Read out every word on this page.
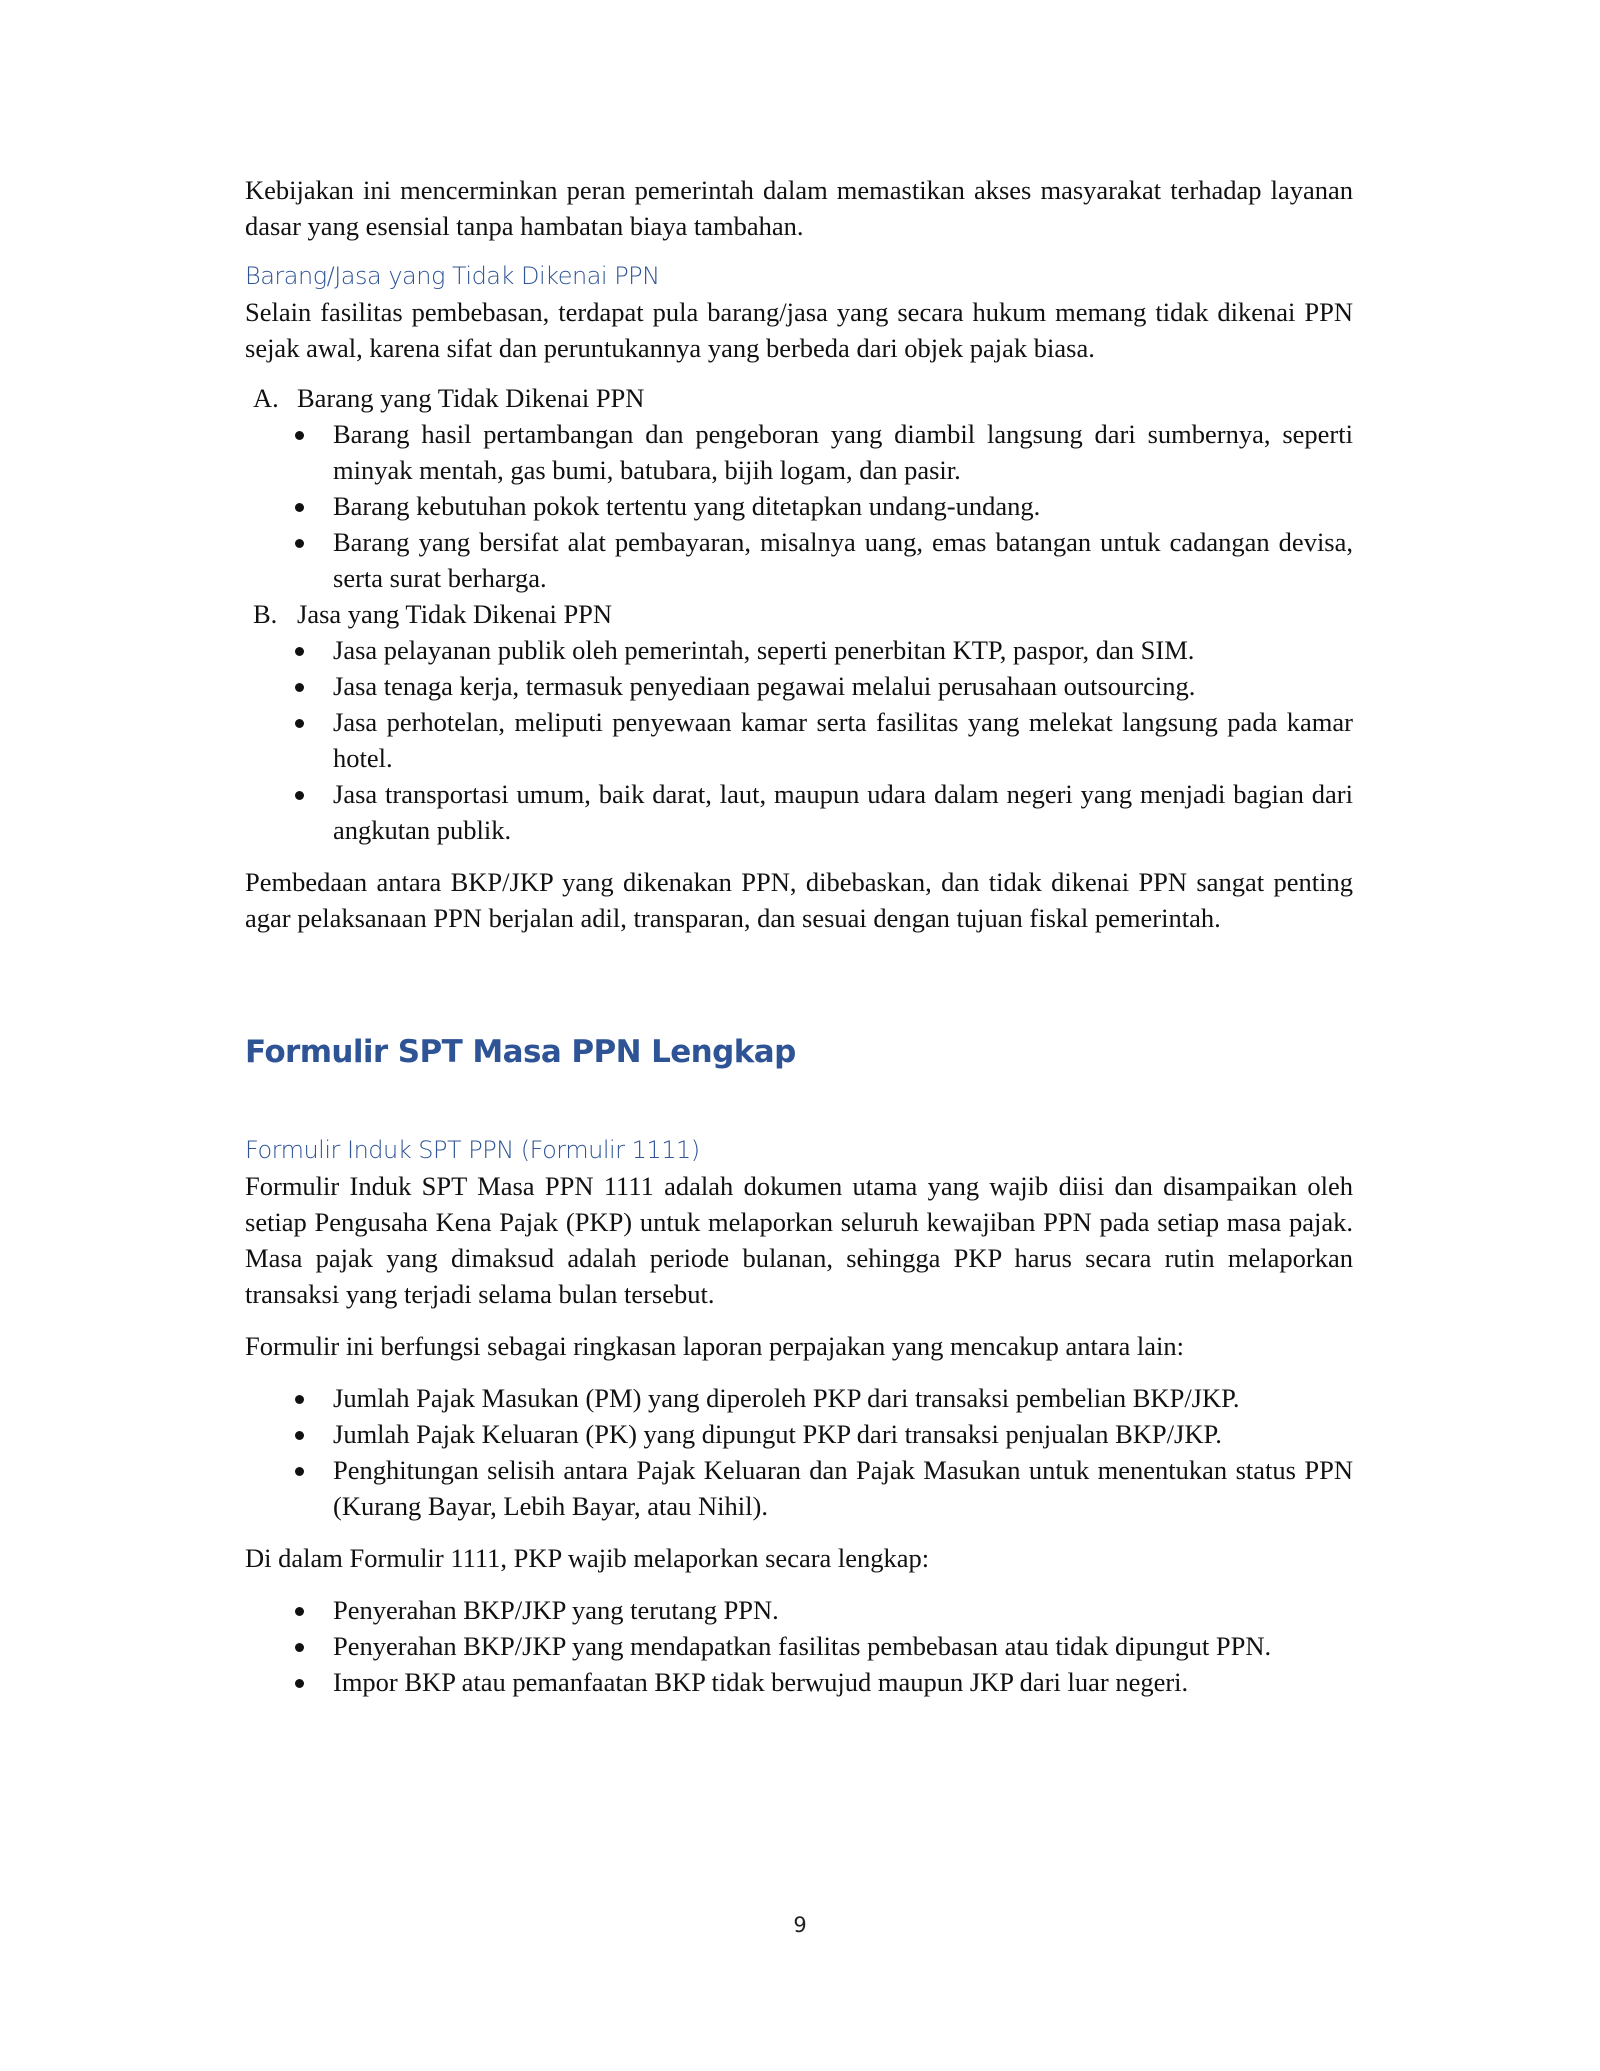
Kebijakan ini mencerminkan peran pemerintah dalam memastikan akses masyarakat terhadap layanan dasar yang esensial tanpa hambatan biaya tambahan.

Barang/Jasa yang Tidak Dikenai PPN

Selain fasilitas pembebasan, terdapat pula barang/jasa yang secara hukum memang tidak dikenai PPN sejak awal, karena sifat dan peruntukannya yang berbeda dari objek pajak biasa.

A. Barang yang Tidak Dikenai PPN
Barang hasil pertambangan dan pengeboran yang diambil langsung dari sumbernya, seperti minyak mentah, gas bumi, batubara, bijih logam, dan pasir.
Barang kebutuhan pokok tertentu yang ditetapkan undang-undang.
Barang yang bersifat alat pembayaran, misalnya uang, emas batangan untuk cadangan devisa, serta surat berharga.
B. Jasa yang Tidak Dikenai PPN
Jasa pelayanan publik oleh pemerintah, seperti penerbitan KTP, paspor, dan SIM.
Jasa tenaga kerja, termasuk penyediaan pegawai melalui perusahaan outsourcing.
Jasa perhotelan, meliputi penyewaan kamar serta fasilitas yang melekat langsung pada kamar hotel.
Jasa transportasi umum, baik darat, laut, maupun udara dalam negeri yang menjadi bagian dari angkutan publik.

Pembedaan antara BKP/JKP yang dikenakan PPN, dibebaskan, dan tidak dikenai PPN sangat penting agar pelaksanaan PPN berjalan adil, transparan, dan sesuai dengan tujuan fiskal pemerintah.

Formulir SPT Masa PPN Lengkap
Formulir Induk SPT PPN (Formulir 1111)

Formulir Induk SPT Masa PPN 1111 adalah dokumen utama yang wajib diisi dan disampaikan oleh setiap Pengusaha Kena Pajak (PKP) untuk melaporkan seluruh kewajiban PPN pada setiap masa pajak. Masa pajak yang dimaksud adalah periode bulanan, sehingga PKP harus secara rutin melaporkan transaksi yang terjadi selama bulan tersebut.

Formulir ini berfungsi sebagai ringkasan laporan perpajakan yang mencakup antara lain:

Jumlah Pajak Masukan (PM) yang diperoleh PKP dari transaksi pembelian BKP/JKP.
Jumlah Pajak Keluaran (PK) yang dipungut PKP dari transaksi penjualan BKP/JKP.
Penghitungan selisih antara Pajak Keluaran dan Pajak Masukan untuk menentukan status PPN (Kurang Bayar, Lebih Bayar, atau Nihil).

Di dalam Formulir 1111, PKP wajib melaporkan secara lengkap:

Penyerahan BKP/JKP yang terutang PPN.
Penyerahan BKP/JKP yang mendapatkan fasilitas pembebasan atau tidak dipungut PPN.
Impor BKP atau pemanfaatan BKP tidak berwujud maupun JKP dari luar negeri.
9
